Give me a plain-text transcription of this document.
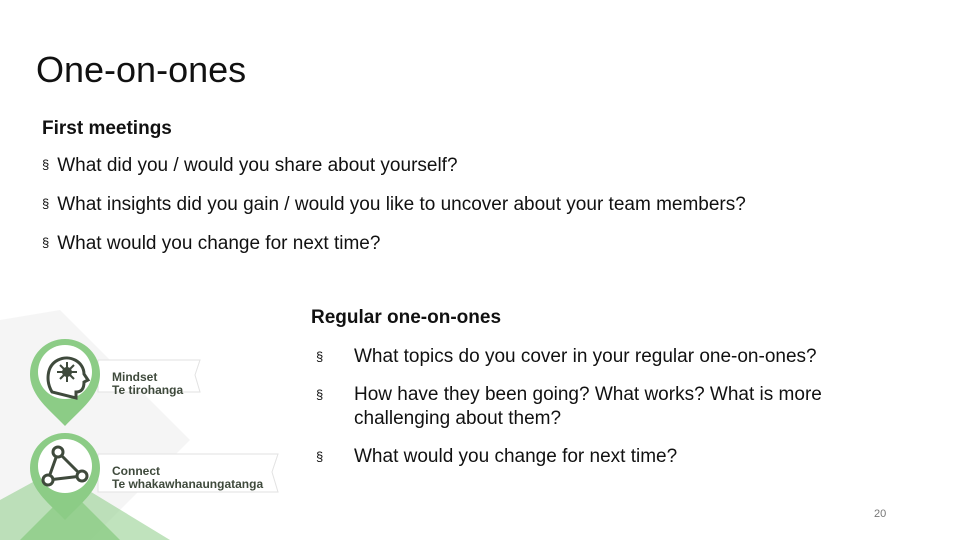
One-on-ones
First meetings
§ What did you / would you share about yourself?
§ What insights did you gain / would you like to uncover about your team members?
§ What would you change for next time?
Mindset
Te tirohanga
Connect
Te whakawhanaungatanga
Regular one-on-ones
§ What topics do you cover in your regular one-on-ones?
§ How have they been going? What works? What is more challenging about them?
§ What would you change for next time?
20
